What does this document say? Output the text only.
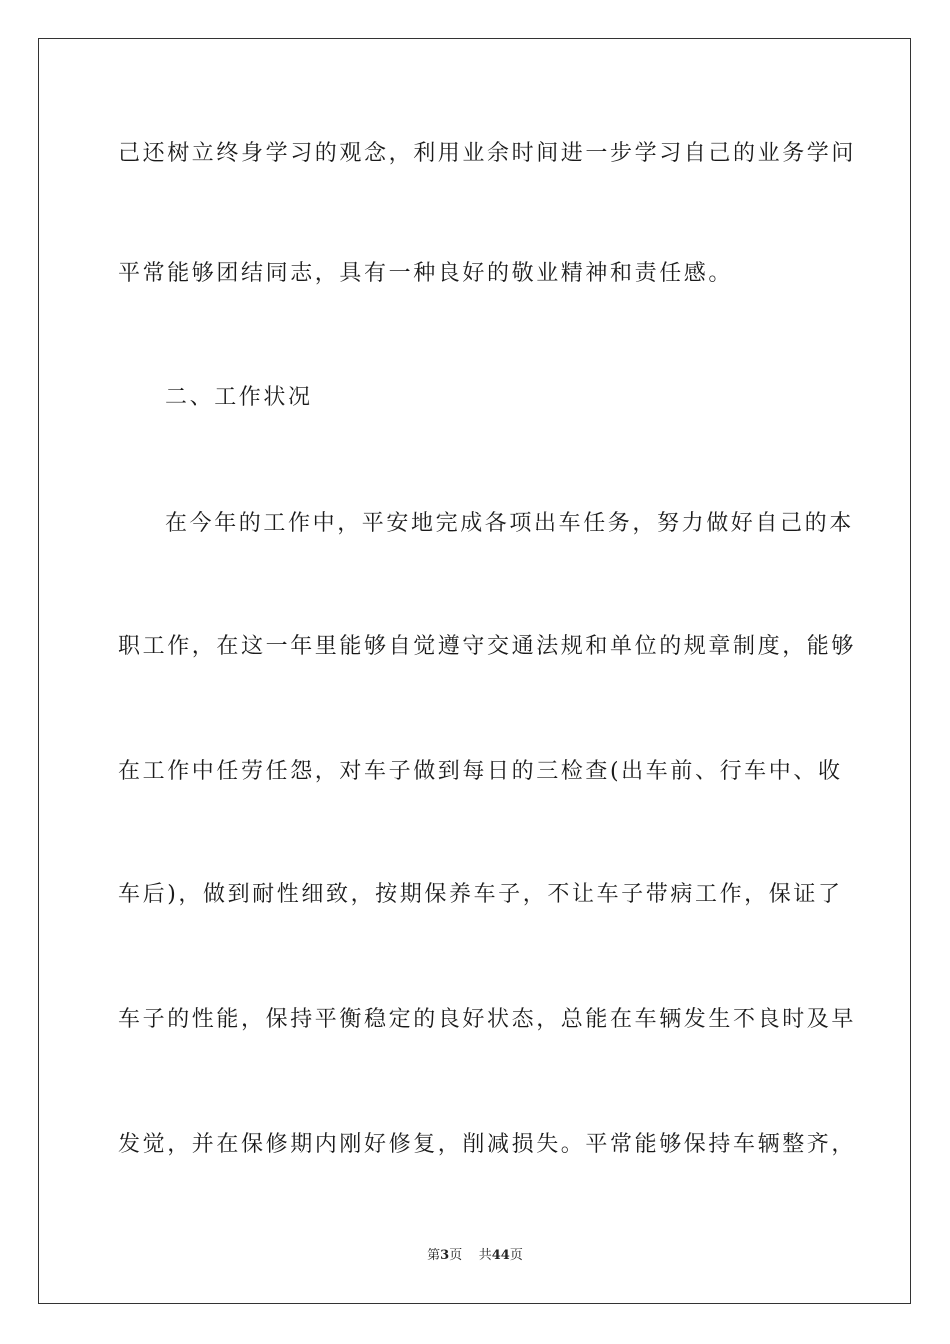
己还树立终身学习的观念，利用业余时间进一步学习自己的业务学问
平常能够团结同志，具有一种良好的敬业精神和责任感。
二、工作状况
在今年的工作中，平安地完成各项出车任务，努力做好自己的本
职工作，在这一年里能够自觉遵守交通法规和单位的规章制度，能够
在工作中任劳任怨，对车子做到每日的三检查(出车前、行车中、收
车后)，做到耐性细致，按期保养车子，不让车子带病工作，保证了
车子的性能，保持平衡稳定的良好状态，总能在车辆发生不良时及早
发觉，并在保修期内刚好修复，削减损失。平常能够保持车辆整齐，
第3页 共44页
